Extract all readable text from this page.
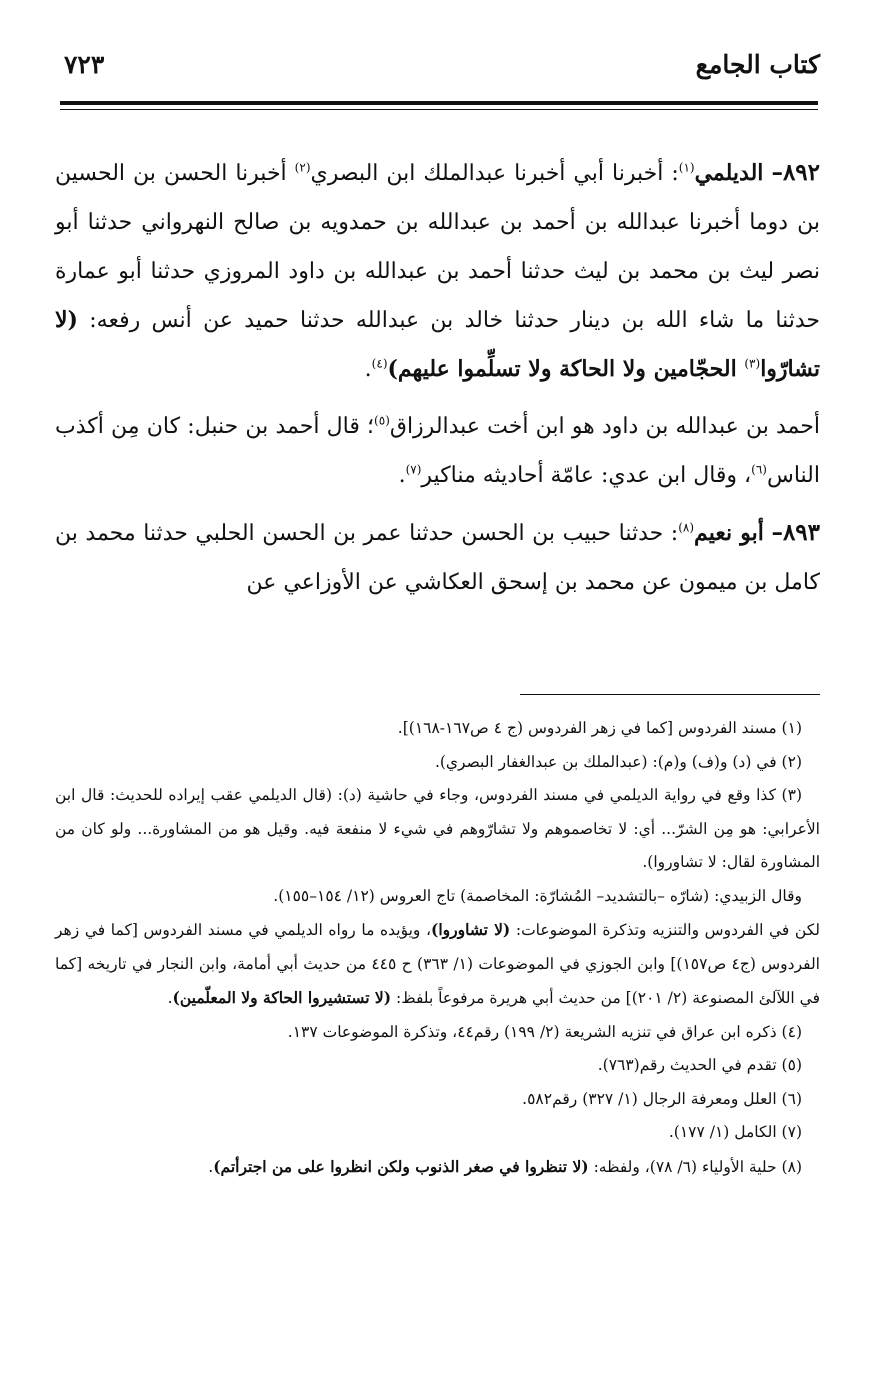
كتاب الجامع
٧٢٣

٨٩٢– الديلمي$^{(١)}$: أخبرنا أبي أخبرنا عبدالملك ابن البصري$^{(٢)}$ أخبرنا الحسن بن الحسين بن دوما أخبرنا عبدالله بن أحمد بن عبدالله بن حمدويه بن صالح النهرواني حدثنا أبو نصر ليث بن محمد بن ليث حدثنا أحمد بن عبدالله بن داود المروزي حدثنا أبو عمارة حدثنا ما شاء الله بن دينار حدثنا خالد بن عبدالله حدثنا حميد عن أنس رفعه: (لا تشارّوا$^{(٣)}$ الحجّامين ولا الحاكة ولا تسلِّموا عليهم)$^{(٤)}$.

أحمد بن عبدالله بن داود هو ابن أخت عبدالرزاق$^{(٥)}$؛ قال أحمد بن حنبل: كان مِن أكذب الناس$^{(٦)}$، وقال ابن عدي: عامّة أحاديثه مناكير$^{(٧)}$.

٨٩٣– أبو نعيم$^{(٨)}$: حدثنا حبيب بن الحسن حدثنا عمر بن الحسن الحلبي حدثنا محمد بن كامل بن ميمون عن محمد بن إسحق العكاشي عن الأوزاعي عن

(١) مسند الفردوس [كما في زهر الفردوس (ج ٤ ص١٦٧-١٦٨)].

(٢) في (د) و(ف) و(م): (عبدالملك بن عبدالغفار البصري).

(٣) كذا وقع في رواية الديلمي في مسند الفردوس، وجاء في حاشية (د): (قال الديلمي عقب إيراده للحديث: قال ابن الأعرابي: هو مِن الشرّ... أي: لا تخاصموهم ولا تشارّوهم في شيء لا منفعة فيه. وقيل هو من المشاورة... ولو كان من المشاورة لقال: لا تشاوروا).

وقال الزبيدي: (شارّه –بالتشديد– المُشارّة: المخاصمة) تاج العروس (١٢/ ١٥٤–١٥٥).

لكن في الفردوس والتنزيه وتذكرة الموضوعات: (لا تشاوروا)، ويؤيده ما رواه الديلمي في مسند الفردوس [كما في زهر الفردوس (ج٤ ص١٥٧)] وابن الجوزي في الموضوعات (١/ ٣٦٣) ح ٤٤٥ من حديث أبي أمامة، وابن النجار في تاريخه [كما في اللآلئ المصنوعة (٢/ ٢٠١)] من حديث أبي هريرة مرفوعاً بلفظ: (لا تستشيروا الحاكة ولا المعلّمين).

(٤) ذكره ابن عراق في تنزيه الشريعة (٢/ ١٩٩) رقم٤٤، وتذكرة الموضوعات ١٣٧.

(٥) تقدم في الحديث رقم(٧٦٣).

(٦) العلل ومعرفة الرجال (١/ ٣٢٧) رقم٥٨٢.

(٧) الكامل (١/ ١٧٧).

(٨) حلية الأولياء (٦/ ٧٨)، ولفظه: (لا تنظروا في صغر الذنوب ولكن انظروا على من اجترأتم).
